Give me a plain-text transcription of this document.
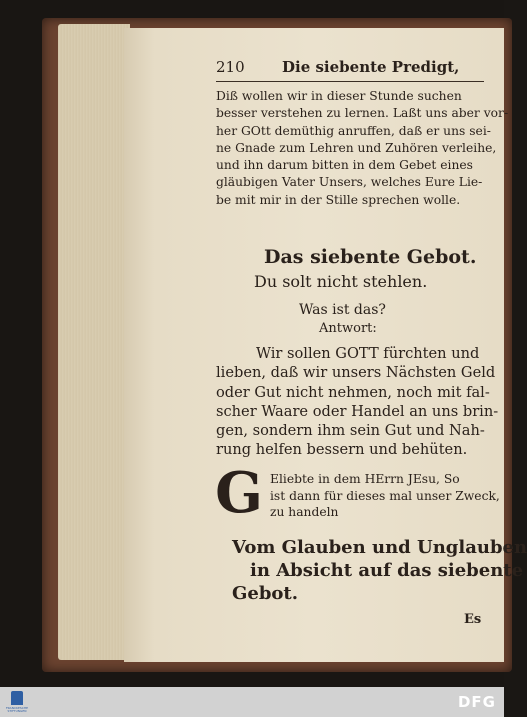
210 Die siebente Predigt,
Diß wollen wir in dieser Stunde suchen
besser verstehen zu lernen. Laßt uns aber vor-
her GOtt demüthig anruffen, daß er uns sei-
ne Gnade zum Lehren und Zuhören verleihe,
und ihn darum bitten in dem Gebet eines
gläubigen Vater Unsers, welches Eure Lie-
be mit mir in der Stille sprechen wolle.
Das siebente Gebot.
Du solt nicht stehlen.
Was ist das?
Antwort:
Wir sollen GOTT fürchten und
lieben, daß wir unsers Nächsten Geld
oder Gut nicht nehmen, noch mit fal-
scher Waare oder Handel an uns brin-
gen, sondern ihm sein Gut und Nah-
rung helfen bessern und behüten.
G Eliebte in dem HErrn JEsu, So
ist dann für dieses mal unser Zweck,
zu handeln
Vom Glauben und Unglauben
in Absicht auf das siebente
Gebot.
Es
FRANCKESCHE STIFTUNGEN	DFG
